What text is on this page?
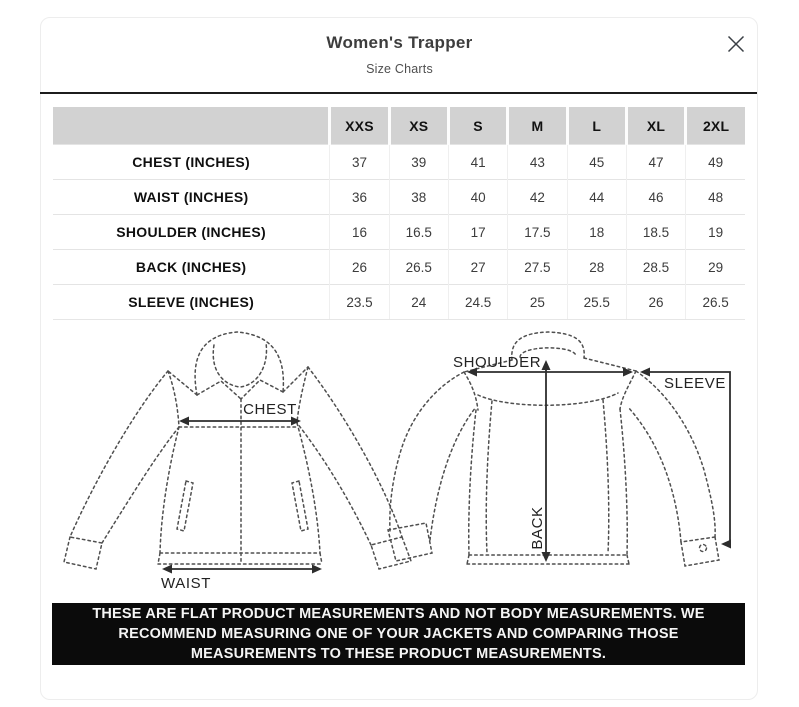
Women's Trapper
Size Charts
	XXS	XS	S	M	L	XL	2XL
CHEST (INCHES)	37	39	41	43	45	47	49
WAIST (INCHES)	36	38	40	42	44	46	48
SHOULDER (INCHES)	16	16.5	17	17.5	18	18.5	19
BACK (INCHES)	26	26.5	27	27.5	28	28.5	29
SLEEVE (INCHES)	23.5	24	24.5	25	25.5	26	26.5
CHEST
WAIST
SHOULDER
SLEEVE
BACK
THESE ARE FLAT PRODUCT MEASUREMENTS AND NOT BODY MEASUREMENTS. WE RECOMMEND MEASURING ONE OF YOUR JACKETS AND COMPARING THOSE MEASUREMENTS TO THESE PRODUCT MEASUREMENTS.
